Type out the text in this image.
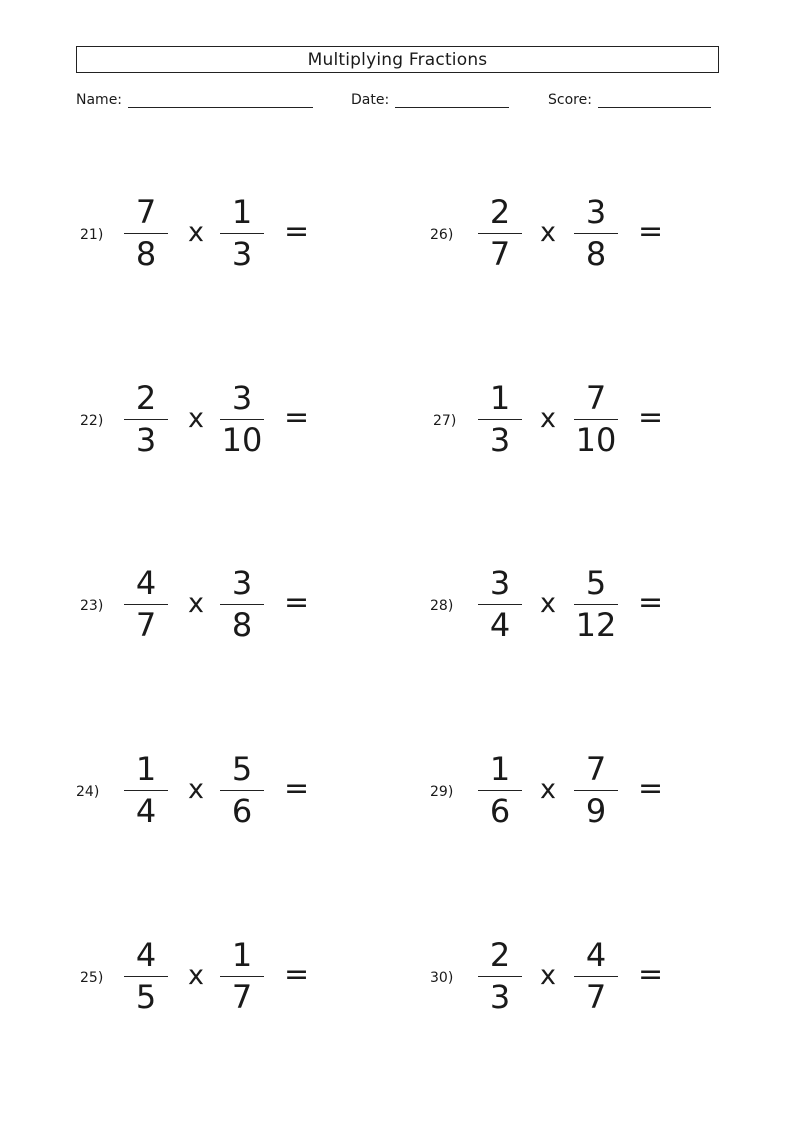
Multiplying Fractions
Name:	Date:	Score:
21)
7
8
x
1
3
=
22)
2
3
x
3
10
=
23)
4
7
x
3
8
=
24)
1
4
x
5
6
=
25)
4
5
x
1
7
=
26)
2
7
x
3
8
=
27)
1
3
x
7
10
=
28)
3
4
x
5
12
=
29)
1
6
x
7
9
=
30)
2
3
x
4
7
=
